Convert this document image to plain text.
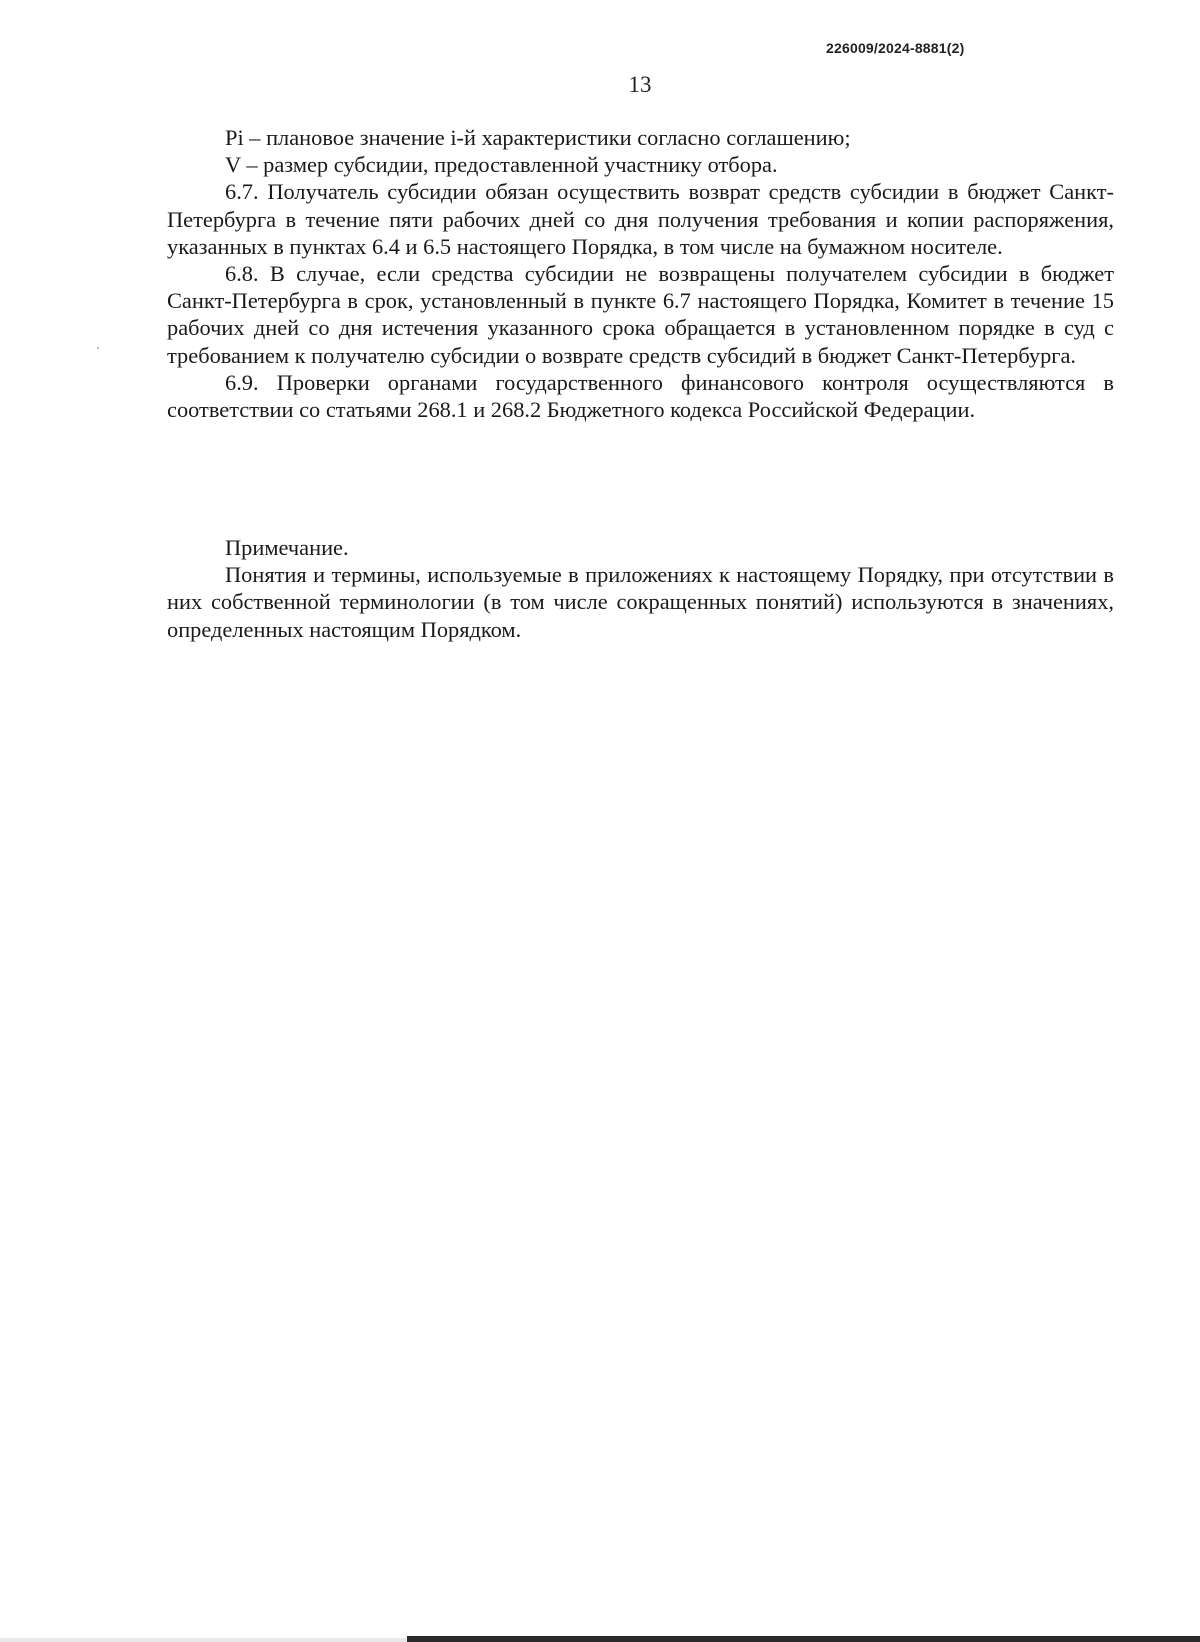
226009/2024-8881(2)
13

Pi – плановое значение i-й характеристики согласно соглашению;

V – размер субсидии, предоставленной участнику отбора.

6.7. Получатель субсидии обязан осуществить возврат средств субсидии в бюджет Санкт-Петербурга в течение пяти рабочих дней со дня получения требования и копии распоряжения, указанных в пунктах 6.4 и 6.5 настоящего Порядка, в том числе на бумажном носителе.

6.8. В случае, если средства субсидии не возвращены получателем субсидии в бюджет Санкт-Петербурга в срок, установленный в пункте 6.7 настоящего Порядка, Комитет в течение 15 рабочих дней со дня истечения указанного срока обращается в установленном порядке в суд с требованием к получателю субсидии о возврате средств субсидий в бюджет Санкт-Петербурга.

6.9. Проверки органами государственного финансового контроля осуществляются в соответствии со статьями 268.1 и 268.2 Бюджетного кодекса Российской Федерации.

Примечание.

Понятия и термины, используемые в приложениях к настоящему Порядку, при отсутствии в них собственной терминологии (в том числе сокращенных понятий) используются в значениях, определенных настоящим Порядком.
